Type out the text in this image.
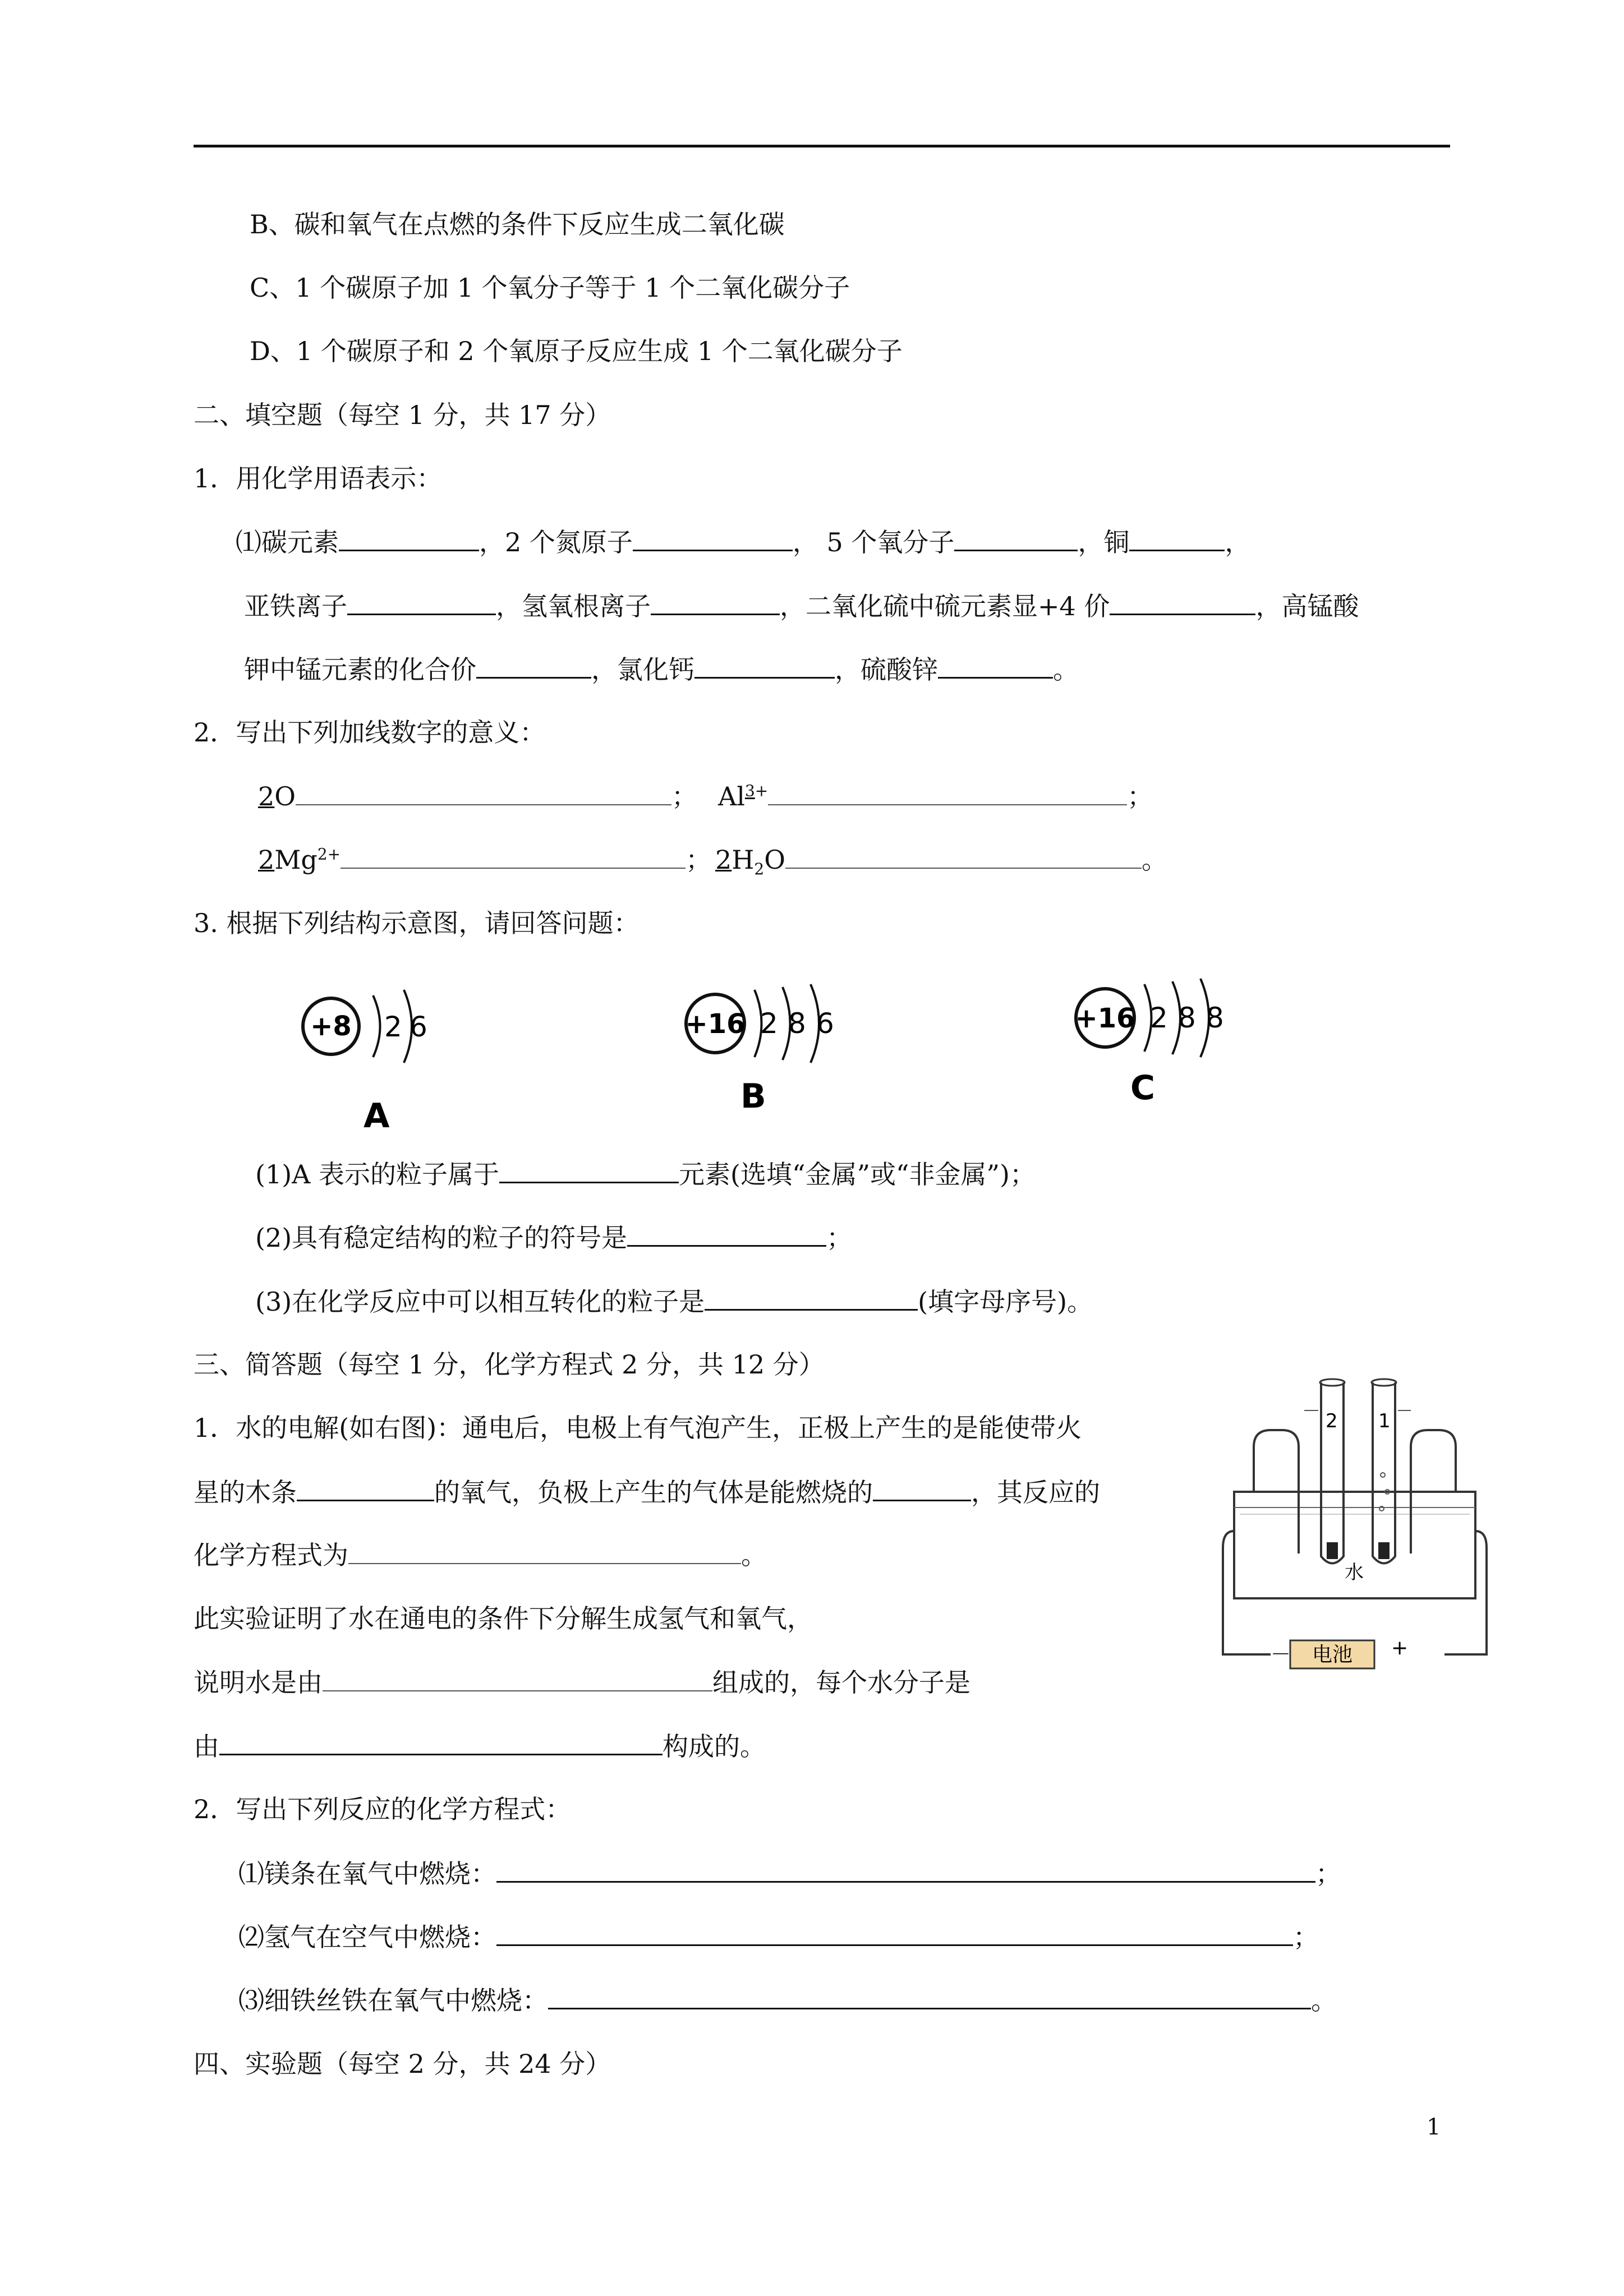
B、碳和氧气在点燃的条件下反应生成二氧化碳
C、1 个碳原子加 1 个氧分子等于 1 个二氧化碳分子
D、1 个碳原子和 2 个氧原子反应生成 1 个二氧化碳分子
二、填空题（每空 1 分，共 17 分）
1．用化学用语表示：
⑴碳元素	，2 个氮原子	， 5 个氧分子	，铜	，
亚铁离子	，氢氧根离子	，二氧化硫中硫元素显+4 价	，高锰酸
钾中锰元素的化合价	，氯化钙	，硫酸锌	。
2．写出下列加线数字的意义：
2O	； $Al^{3+}$	；
$2Mg^{2+}$	； $2H_2O$	。
3. 根据下列结构示意图，请回答问题：
+8 2 6
A
+16 2 8 6
B
+16 2 8 8
C
(1)A 表示的粒子属于	元素(选填“金属”或“非金属”)；
(2)具有稳定结构的粒子的符号是	；
(3)在化学反应中可以相互转化的粒子是	(填字母序号)。
三、简答题（每空 1 分，化学方程式 2 分，共 12 分）
1．水的电解(如右图)：通电后，电极上有气泡产生，正极上产生的是能使带火
星的木条	的氧气，负极上产生的气体是能燃烧的	，其反应的
化学方程式为	。
此实验证明了水在通电的条件下分解生成氢气和氧气，
说明水是由	组成的，每个水分子是
由	构成的。
2 1
水
电池
－	+
2．写出下列反应的化学方程式：
⑴镁条在氧气中燃烧：	；
⑵氢气在空气中燃烧：	；
⑶细铁丝铁在氧气中燃烧：	。
四、实验题（每空 2 分，共 24 分）
1
